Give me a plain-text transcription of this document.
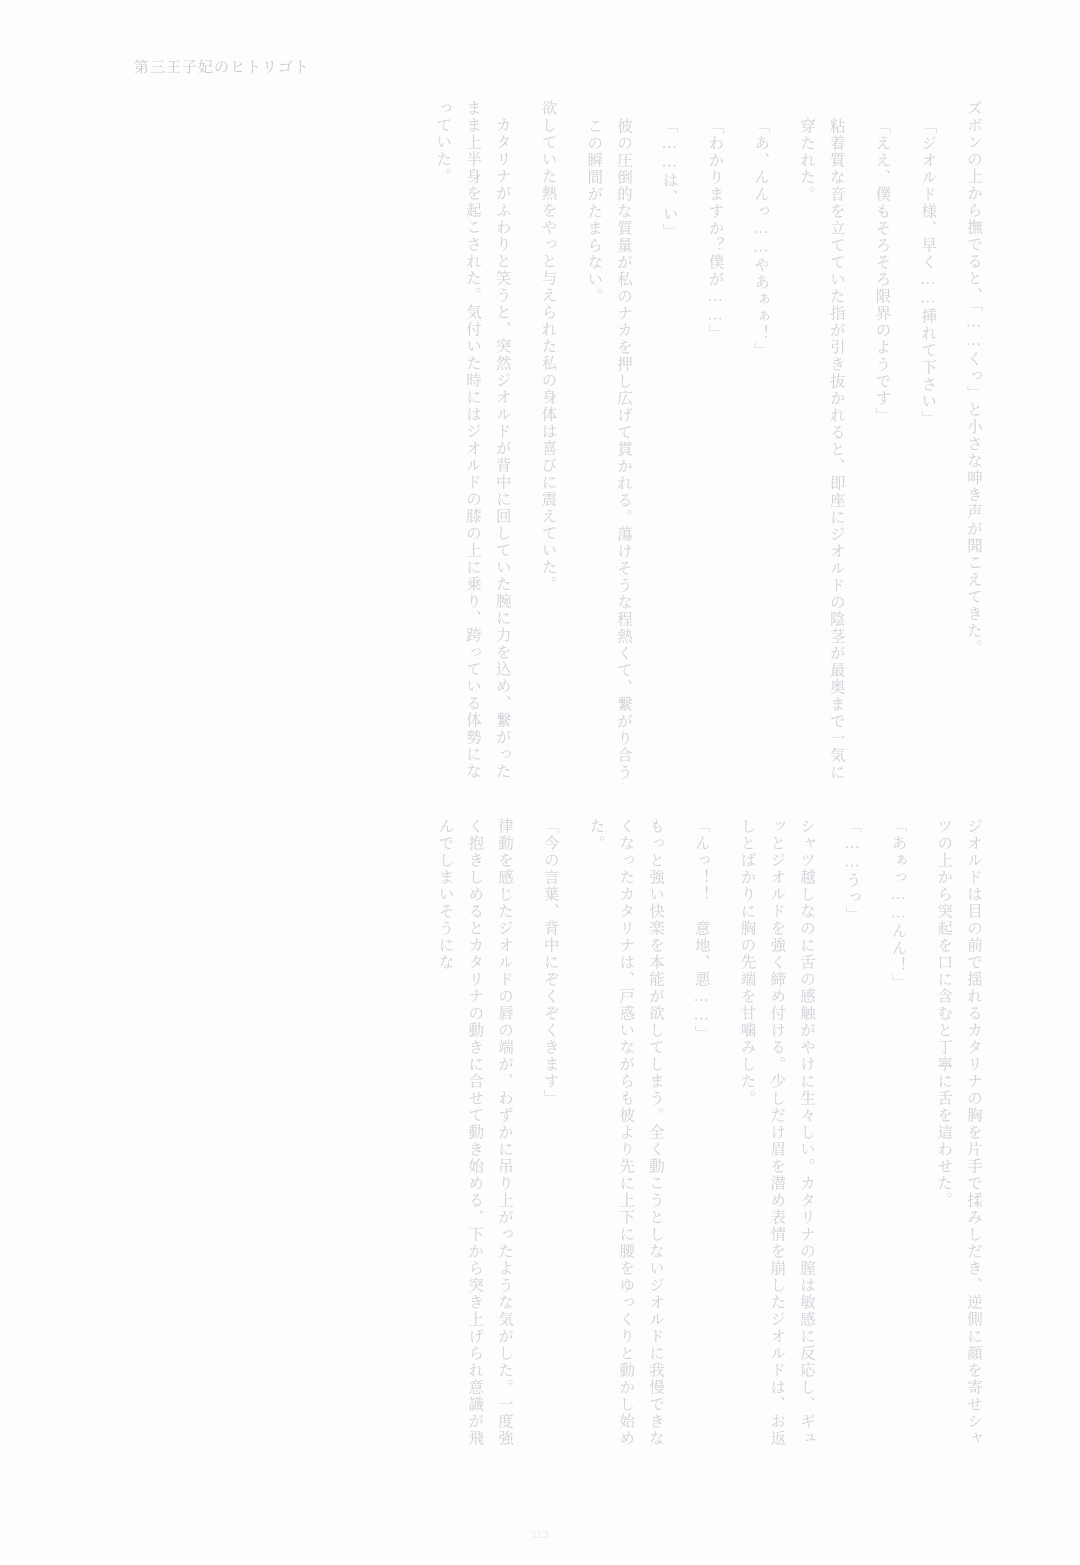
第三王子妃のヒトリゴト
ズボンの上から撫でると、「……くっ」と小さな呻き声が聞こえてきた。
「ジオルド様、早く……挿れて下さい」
「ええ、僕もそろそろ限界のようです」
粘着質な音を立てていた指が引き抜かれると、即座にジオルドの陰茎が最奥まで一気に穿たれた。
「あ、んんっ……やあぁぁ！」
「わかりますか？僕が……」
「……は、い」
彼の圧倒的な質量が私のナカを押し広げて貫かれる。蕩けそうな程熱くて、繋がり合うこの瞬間がたまらない。
欲していた熱をやっと与えられた私の身体は喜びに震えていた。
　カタリナがふわりと笑うと、突然ジオルドが背中に回していた腕に力を込め、繋がったまま上半身を起こされた。気付いた時にはジオルドの膝の上に乗り、跨っている体勢になっていた。
ジオルドは目の前で揺れるカタリナの胸を片手で揉みしだき、逆側に顔を寄せシャツの上から突起を口に含むと丁寧に舌を這わせた。
「あぁっ……んん！」
「……うっ」
シャツ越しなのに舌の感触がやけに生々しい。カタリナの膣は敏感に反応し、ギュッとジオルドを強く締め付ける。少しだけ眉を潜め表情を崩したジオルドは、お返しとばかりに胸の先端を甘噛みした。
「んっ！！　意地、悪……」
もっと強い快楽を本能が欲してしまう。全く動こうとしないジオルドに我慢できなくなったカタリナは、戸惑いながらも彼より先に上下に腰をゆっくりと動かし始めた。
「今の言葉、背中にぞくぞくきます」
律動を感じたジオルドの唇の端が、わずかに吊り上がったような気がした。一度強く抱きしめるとカタリナの動きに合せて動き始める、下から突き上げられ意識が飛んでしまいそうにな
113
